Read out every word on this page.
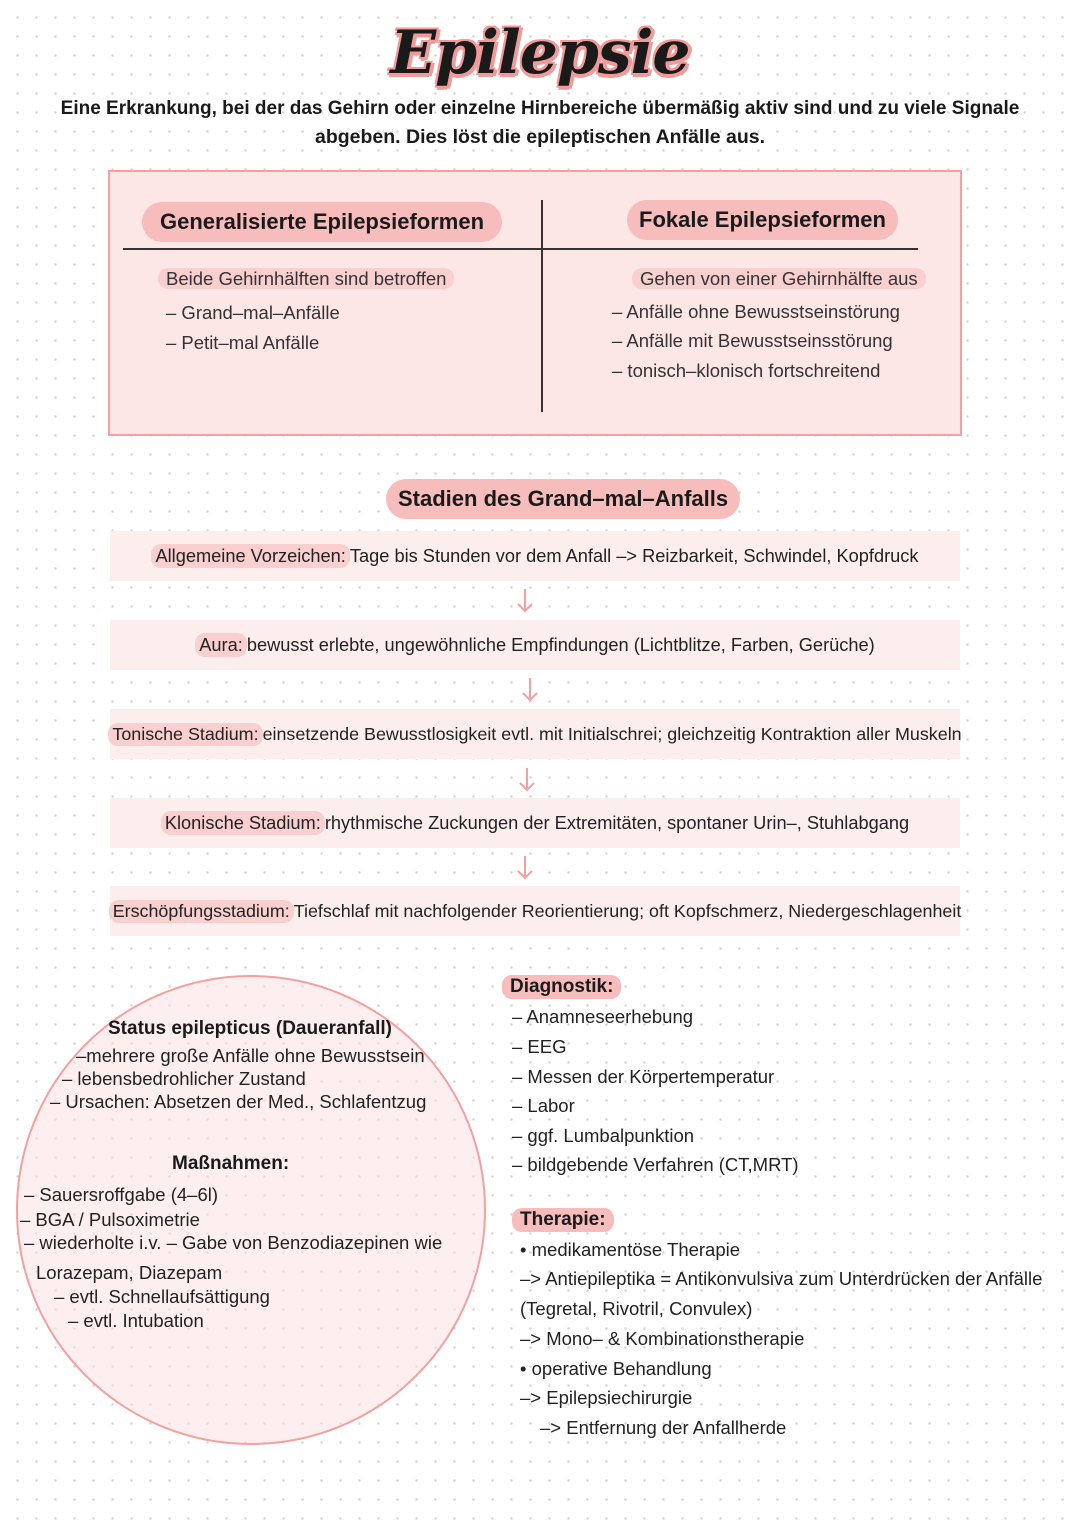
Epilepsie
Eine Erkrankung, bei der das Gehirn oder einzelne Hirnbereiche übermäßig aktiv sind und zu viele Signale
abgeben. Dies löst die epileptischen Anfälle aus.
Generalisierte Epilepsieformen
Beide Gehirnhälften sind betroffen
– Grand–mal–Anfälle
– Petit–mal Anfälle
Fokale Epilepsieformen
Gehen von einer Gehirnhälfte aus
– Anfälle ohne Bewusstseinstörung
– Anfälle mit Bewusstseinsstörung
– tonisch–klonisch fortschreitend
Stadien des Grand–mal–Anfalls
Allgemeine Vorzeichen: Tage bis Stunden vor dem Anfall –> Reizbarkeit, Schwindel, Kopfdruck
Aura: bewusst erlebte, ungewöhnliche Empfindungen (Lichtblitze, Farben, Gerüche)
Tonische Stadium: einsetzende Bewusstlosigkeit evtl. mit Initialschrei; gleichzeitig Kontraktion aller Muskeln
Klonische Stadium: rhythmische Zuckungen der Extremitäten, spontaner Urin–, Stuhlabgang
Erschöpfungsstadium: Tiefschlaf mit nachfolgender Reorientierung; oft Kopfschmerz, Niedergeschlagenheit
Status epilepticus (Daueranfall)
–mehrere große Anfälle ohne Bewusstsein
– lebensbedrohlicher Zustand
– Ursachen: Absetzen der Med., Schlafentzug
Maßnahmen:
– Sauersroffgabe (4–6l)
– BGA / Pulsoximetrie
– wiederholte i.v. – Gabe von Benzodiazepinen wie
Lorazepam, Diazepam
– evtl. Schnellaufsättigung
– evtl. Intubation
Diagnostik:
– Anamneseerhebung
– EEG
– Messen der Körpertemperatur
– Labor
– ggf. Lumbalpunktion
– bildgebende Verfahren (CT,MRT)
Therapie:
• medikamentöse Therapie
–> Antiepileptika = Antikonvulsiva zum Unterdrücken der Anfälle
(Tegretal, Rivotril, Convulex)
–> Mono– & Kombinationstherapie
• operative Behandlung
–> Epilepsiechirurgie
–> Entfernung der Anfallherde
